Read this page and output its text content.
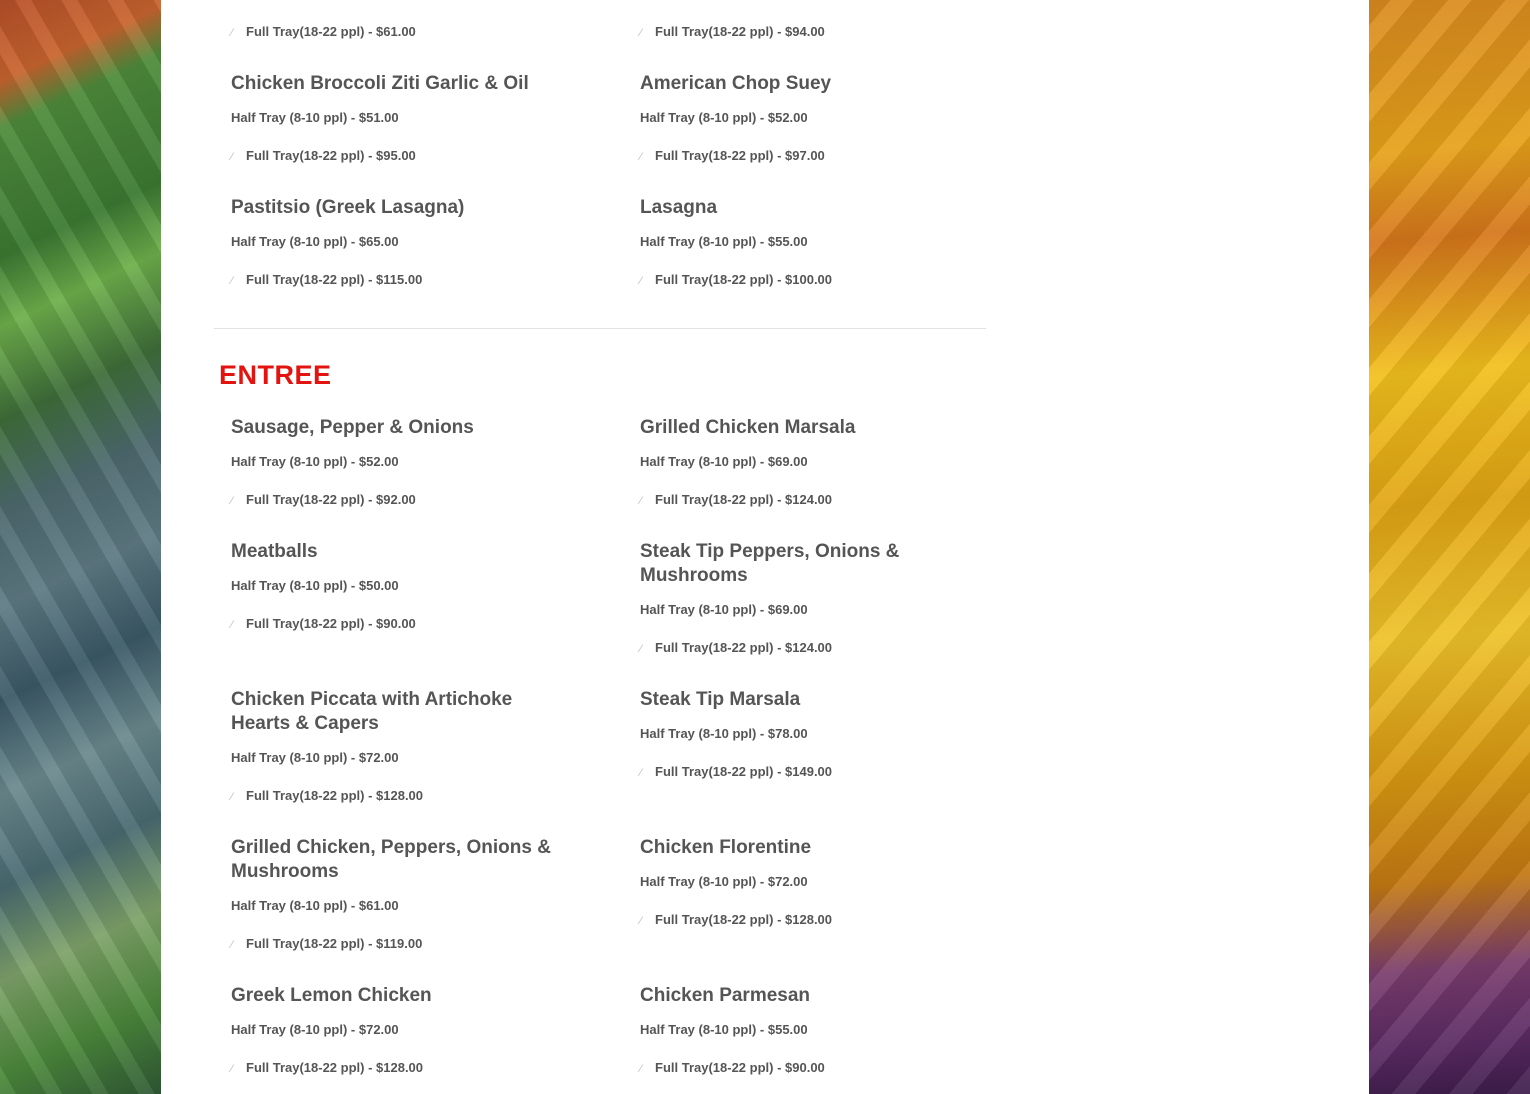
⁄ Full Tray(18-22 ppl) - $61.00	⁄ Full Tray(18-22 ppl) - $94.00
Chicken Broccoli Ziti Garlic & Oil
Half Tray (8-10 ppl) - $51.00
⁄ Full Tray(18-22 ppl) - $95.00
American Chop Suey
Half Tray (8-10 ppl) - $52.00
⁄ Full Tray(18-22 ppl) - $97.00
Pastitsio (Greek Lasagna)
Half Tray (8-10 ppl) - $65.00
⁄ Full Tray(18-22 ppl) - $115.00
Lasagna
Half Tray (8-10 ppl) - $55.00
⁄ Full Tray(18-22 ppl) - $100.00
ENTREE
Sausage, Pepper & Onions
Half Tray (8-10 ppl) - $52.00
⁄ Full Tray(18-22 ppl) - $92.00
Grilled Chicken Marsala
Half Tray (8-10 ppl) - $69.00
⁄ Full Tray(18-22 ppl) - $124.00
Meatballs
Half Tray (8-10 ppl) - $50.00
⁄ Full Tray(18-22 ppl) - $90.00
Steak Tip Peppers, Onions & Mushrooms
Half Tray (8-10 ppl) - $69.00
⁄ Full Tray(18-22 ppl) - $124.00
Chicken Piccata with Artichoke Hearts & Capers
Half Tray (8-10 ppl) - $72.00
⁄ Full Tray(18-22 ppl) - $128.00
Steak Tip Marsala
Half Tray (8-10 ppl) - $78.00
⁄ Full Tray(18-22 ppl) - $149.00
Grilled Chicken, Peppers, Onions & Mushrooms
Half Tray (8-10 ppl) - $61.00
⁄ Full Tray(18-22 ppl) - $119.00
Chicken Florentine
Half Tray (8-10 ppl) - $72.00
⁄ Full Tray(18-22 ppl) - $128.00
Greek Lemon Chicken
Half Tray (8-10 ppl) - $72.00
⁄ Full Tray(18-22 ppl) - $128.00
Chicken Parmesan
Half Tray (8-10 ppl) - $55.00
⁄ Full Tray(18-22 ppl) - $90.00
